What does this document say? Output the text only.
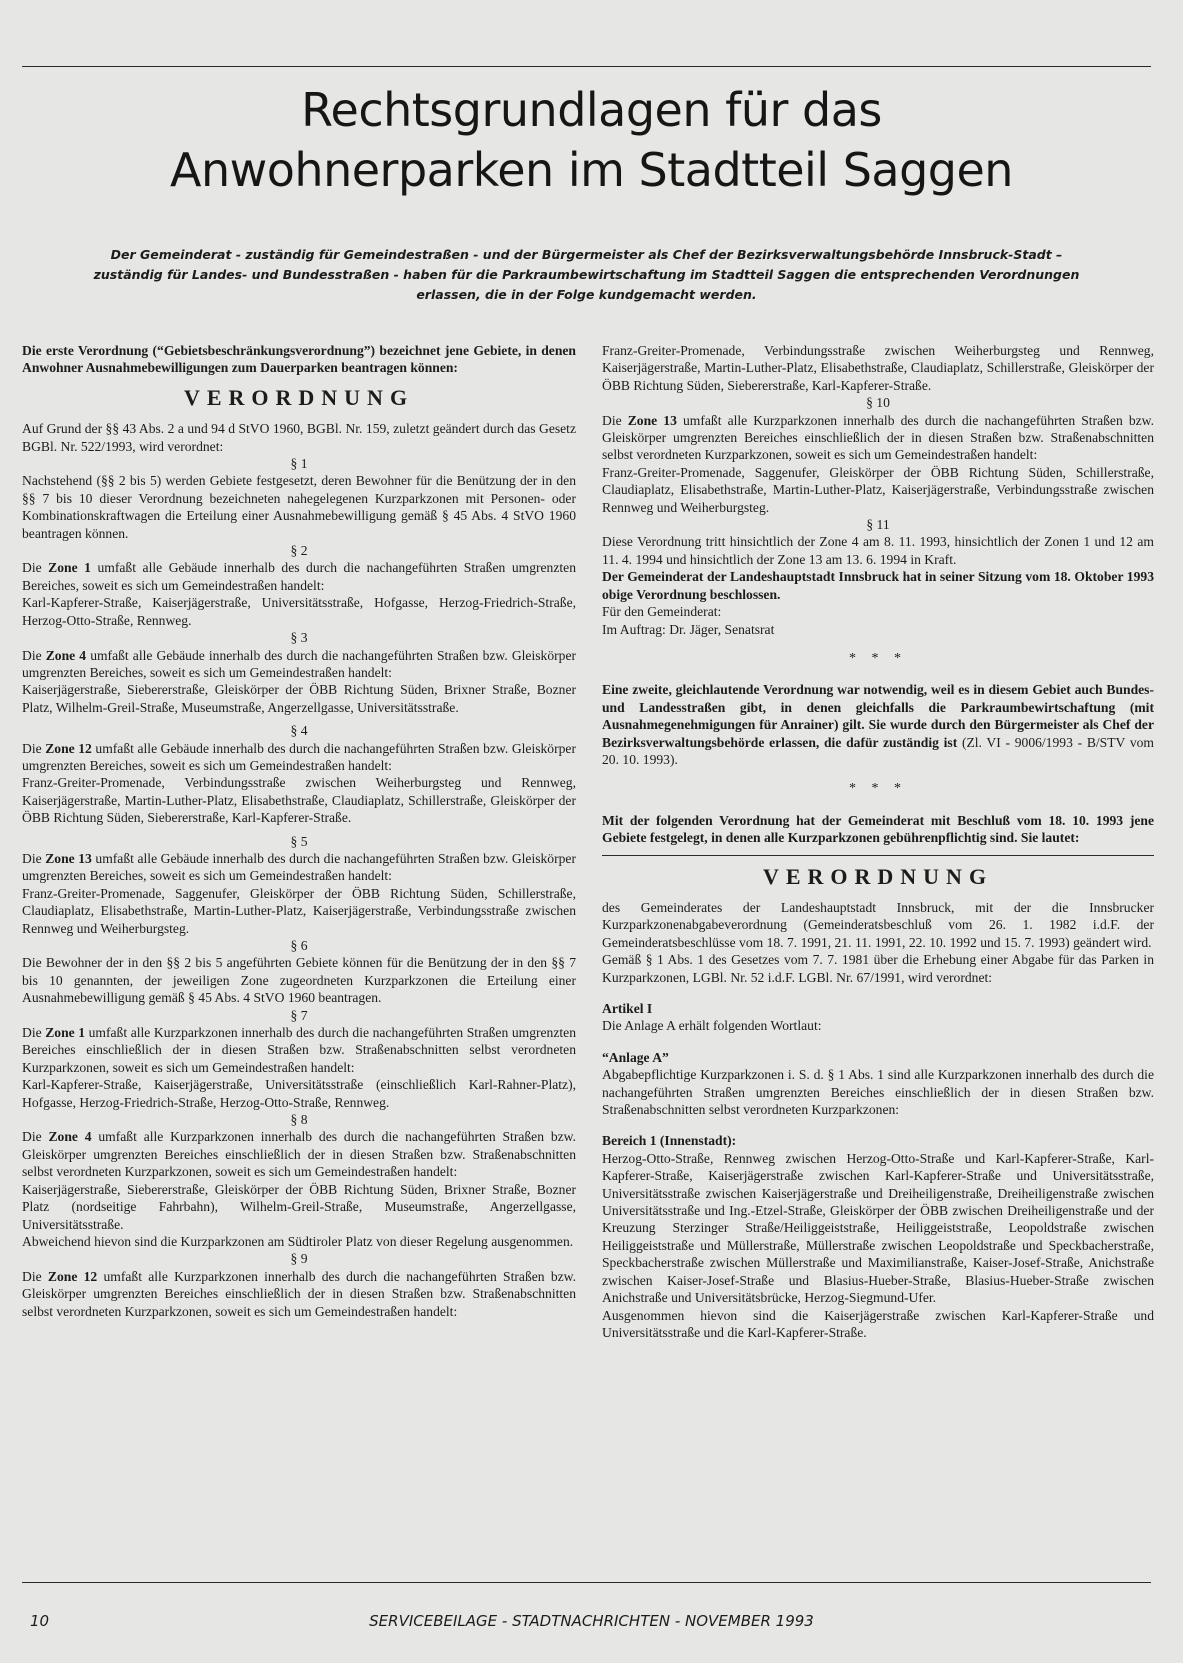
Rechtsgrundlagen für das
Anwohnerparken im Stadtteil Saggen
Der Gemeinderat - zuständig für Gemeindestraßen - und der Bürgermeister als Chef der Bezirksverwaltungsbehörde Innsbruck-Stadt – zuständig für Landes- und Bundesstraßen - haben für die Parkraumbewirtschaftung im Stadtteil Saggen die entsprechenden Verordnungen erlassen, die in der Folge kundgemacht werden.

Die erste Verordnung (“Gebietsbeschränkungsverordnung”) bezeichnet jene Gebiete, in denen Anwohner Ausnahmebewilligungen zum Dauerparken beantragen können:

VERORDNUNG

Auf Grund der §§ 43 Abs. 2 a und 94 d StVO 1960, BGBl. Nr. 159, zuletzt geändert durch das Gesetz BGBl. Nr. 522/1993, wird verordnet:

§ 1

Nachstehend (§§ 2 bis 5) werden Gebiete festgesetzt, deren Bewohner für die Benützung der in den §§ 7 bis 10 dieser Verordnung bezeichneten nahegelegenen Kurzparkzonen mit Personen- oder Kombinationskraftwagen die Erteilung einer Ausnahmebewilligung gemäß § 45 Abs. 4 StVO 1960 beantragen können.

§ 2

Die Zone 1 umfaßt alle Gebäude innerhalb des durch die nachangeführten Straßen umgrenzten Bereiches, soweit es sich um Gemeindestraßen handelt:

Karl-Kapferer-Straße, Kaiserjägerstraße, Universitätsstraße, Hofgasse, Herzog-Friedrich-Straße, Herzog-Otto-Straße, Rennweg.

§ 3

Die Zone 4 umfaßt alle Gebäude innerhalb des durch die nachangeführten Straßen bzw. Gleiskörper umgrenzten Bereiches, soweit es sich um Gemeindestraßen handelt:

Kaiserjägerstraße, Siebererstraße, Gleiskörper der ÖBB Richtung Süden, Brixner Straße, Bozner Platz, Wilhelm-Greil-Straße, Museumstraße, Angerzellgasse, Universitätsstraße.

§ 4

Die Zone 12 umfaßt alle Gebäude innerhalb des durch die nachangeführten Straßen bzw. Gleiskörper umgrenzten Bereiches, soweit es sich um Gemeindestraßen handelt:

Franz-Greiter-Promenade, Verbindungsstraße zwischen Weiherburgsteg und Rennweg, Kaiserjägerstraße, Martin-Luther-Platz, Elisabethstraße, Claudiaplatz, Schillerstraße, Gleiskörper der ÖBB Richtung Süden, Siebererstraße, Karl-Kapferer-Straße.

§ 5

Die Zone 13 umfaßt alle Gebäude innerhalb des durch die nachangeführten Straßen bzw. Gleiskörper umgrenzten Bereiches, soweit es sich um Gemeindestraßen handelt:

Franz-Greiter-Promenade, Saggenufer, Gleiskörper der ÖBB Richtung Süden, Schillerstraße, Claudiaplatz, Elisabethstraße, Martin-Luther-Platz, Kaiserjägerstraße, Verbindungsstraße zwischen Rennweg und Weiherburgsteg.

§ 6

Die Bewohner der in den §§ 2 bis 5 angeführten Gebiete können für die Benützung der in den §§ 7 bis 10 genannten, der jeweiligen Zone zugeordneten Kurzparkzonen die Erteilung einer Ausnahmebewilligung gemäß § 45 Abs. 4 StVO 1960 beantragen.

§ 7

Die Zone 1 umfaßt alle Kurzparkzonen innerhalb des durch die nachangeführten Straßen umgrenzten Bereiches einschließlich der in diesen Straßen bzw. Straßenabschnitten selbst verordneten Kurzparkzonen, soweit es sich um Gemeindestraßen handelt:

Karl-Kapferer-Straße, Kaiserjägerstraße, Universitätsstraße (einschließlich Karl-Rahner-Platz), Hofgasse, Herzog-Friedrich-Straße, Herzog-Otto-Straße, Rennweg.

§ 8

Die Zone 4 umfaßt alle Kurzparkzonen innerhalb des durch die nachangeführten Straßen bzw. Gleiskörper umgrenzten Bereiches einschließlich der in diesen Straßen bzw. Straßenabschnitten selbst verordneten Kurzparkzonen, soweit es sich um Gemeindestraßen handelt:

Kaiserjägerstraße, Siebererstraße, Gleiskörper der ÖBB Richtung Süden, Brixner Straße, Bozner Platz (nordseitige Fahrbahn), Wilhelm-Greil-Straße, Museumstraße, Angerzellgasse, Universitätsstraße.

Abweichend hievon sind die Kurzparkzonen am Südtiroler Platz von dieser Regelung ausgenommen.

§ 9

Die Zone 12 umfaßt alle Kurzparkzonen innerhalb des durch die nachangeführten Straßen bzw. Gleiskörper umgrenzten Bereiches einschließlich der in diesen Straßen bzw. Straßenabschnitten selbst verordneten Kurzparkzonen, soweit es sich um Gemeindestraßen handelt:

Franz-Greiter-Promenade, Verbindungsstraße zwischen Weiherburgsteg und Rennweg, Kaiserjägerstraße, Martin-Luther-Platz, Elisabethstraße, Claudiaplatz, Schillerstraße, Gleiskörper der ÖBB Richtung Süden, Siebererstraße, Karl-Kapferer-Straße.

§ 10

Die Zone 13 umfaßt alle Kurzparkzonen innerhalb des durch die nachangeführten Straßen bzw. Gleiskörper umgrenzten Bereiches einschließlich der in diesen Straßen bzw. Straßenabschnitten selbst verordneten Kurzparkzonen, soweit es sich um Gemeindestraßen handelt:

Franz-Greiter-Promenade, Saggenufer, Gleiskörper der ÖBB Richtung Süden, Schillerstraße, Claudiaplatz, Elisabethstraße, Martin-Luther-Platz, Kaiserjägerstraße, Verbindungsstraße zwischen Rennweg und Weiherburgsteg.

§ 11

Diese Verordnung tritt hinsichtlich der Zone 4 am 8. 11. 1993, hinsichtlich der Zonen 1 und 12 am 11. 4. 1994 und hinsichtlich der Zone 13 am 13. 6. 1994 in Kraft.

Der Gemeinderat der Landeshauptstadt Innsbruck hat in seiner Sitzung vom 18. Oktober 1993 obige Verordnung beschlossen.

Für den Gemeinderat:

Im Auftrag: Dr. Jäger, Senatsrat

* * *

Eine zweite, gleichlautende Verordnung war notwendig, weil es in diesem Gebiet auch Bundes- und Landesstraßen gibt, in denen gleichfalls die Parkraumbewirtschaftung (mit Ausnahmegenehmigungen für Anrainer) gilt. Sie wurde durch den Bürgermeister als Chef der Bezirksverwaltungsbehörde erlassen, die dafür zuständig ist (Zl. VI - 9006/1993 - B/STV vom 20. 10. 1993).

* * *

Mit der folgenden Verordnung hat der Gemeinderat mit Beschluß vom 18. 10. 1993 jene Gebiete festgelegt, in denen alle Kurzparkzonen gebührenpflichtig sind. Sie lautet:

VERORDNUNG

des Gemeinderates der Landeshauptstadt Innsbruck, mit der die Innsbrucker Kurzparkzonenabgabeverordnung (Gemeinderatsbeschluß vom 26. 1. 1982 i.d.F. der Gemeinderatsbeschlüsse vom 18. 7. 1991, 21. 11. 1991, 22. 10. 1992 und 15. 7. 1993) geändert wird.

Gemäß § 1 Abs. 1 des Gesetzes vom 7. 7. 1981 über die Erhebung einer Abgabe für das Parken in Kurzparkzonen, LGBl. Nr. 52 i.d.F. LGBl. Nr. 67/1991, wird verordnet:

Artikel I

Die Anlage A erhält folgenden Wortlaut:

“Anlage A”

Abgabepflichtige Kurzparkzonen i. S. d. § 1 Abs. 1 sind alle Kurzparkzonen innerhalb des durch die nachangeführten Straßen umgrenzten Bereiches einschließlich der in diesen Straßen bzw. Straßenabschnitten selbst verordneten Kurzparkzonen:

Bereich 1 (Innenstadt):

Herzog-Otto-Straße, Rennweg zwischen Herzog-Otto-Straße und Karl-Kapferer-Straße, Karl-Kapferer-Straße, Kaiserjägerstraße zwischen Karl-Kapferer-Straße und Universitätsstraße, Universitätsstraße zwischen Kaiserjägerstraße und Dreiheiligenstraße, Dreiheiligenstraße zwischen Universitätsstraße und Ing.-Etzel-Straße, Gleiskörper der ÖBB zwischen Dreiheiligenstraße und der Kreuzung Sterzinger Straße/Heiliggeiststraße, Heiliggeiststraße, Leopoldstraße zwischen Heiliggeiststraße und Müllerstraße, Müllerstraße zwischen Leopoldstraße und Speckbacherstraße, Speckbacherstraße zwischen Müllerstraße und Maximilianstraße, Kaiser-Josef-Straße, Anichstraße zwischen Kaiser-Josef-Straße und Blasius-Hueber-Straße, Blasius-Hueber-Straße zwischen Anichstraße und Universitätsbrücke, Herzog-Siegmund-Ufer.

Ausgenommen hievon sind die Kaiserjägerstraße zwischen Karl-Kapferer-Straße und Universitätsstraße und die Karl-Kapferer-Straße.

10	SERVICEBEILAGE - STADTNACHRICHTEN - NOVEMBER 1993
